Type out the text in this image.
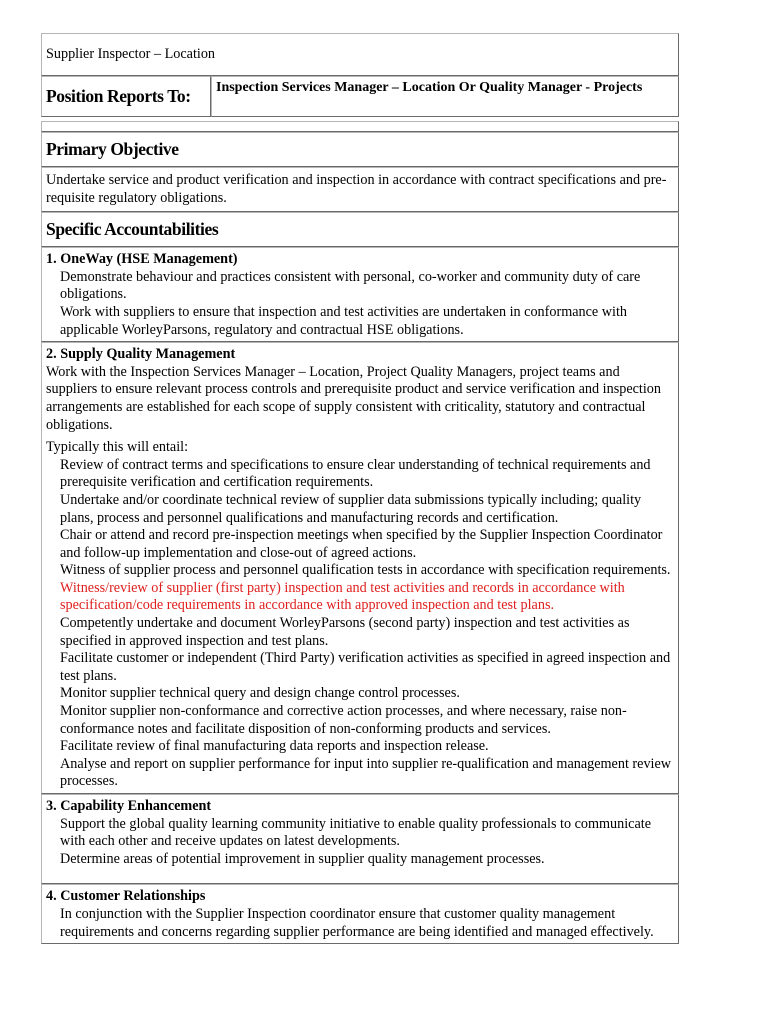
Supplier Inspector – Location
Position Reports To:	Inspection Services Manager – Location Or Quality Manager - Projects

Primary Objective
Undertake service and product verification and inspection in accordance with contract specifications and pre-requisite regulatory obligations.
Specific Accountabilities

1. OneWay (HSE Management)
Demonstrate behaviour and practices consistent with personal, co-worker and community duty of care obligations.
Work with suppliers to ensure that inspection and test activities are undertaken in conformance with applicable WorleyParsons, regulatory and contractual HSE obligations.

2. Supply Quality Management
Work with the Inspection Services Manager – Location, Project Quality Managers, project teams and suppliers to ensure relevant process controls and prerequisite product and service verification and inspection arrangements are established for each scope of supply consistent with criticality, statutory and contractual obligations.
Typically this will entail:
Review of contract terms and specifications to ensure clear understanding of technical requirements and prerequisite verification and certification requirements.
Undertake and/or coordinate technical review of supplier data submissions typically including; quality plans, process and personnel qualifications and manufacturing records and certification.
Chair or attend and record pre-inspection meetings when specified by the Supplier Inspection Coordinator and follow-up implementation and close-out of agreed actions.
Witness of supplier process and personnel qualification tests in accordance with specification requirements.
Witness/review of supplier (first party) inspection and test activities and records in accordance with specification/code requirements in accordance with approved inspection and test plans.
Competently undertake and document WorleyParsons (second party) inspection and test activities as specified in approved inspection and test plans.
Facilitate customer or independent (Third Party) verification activities as specified in agreed inspection and test plans.
Monitor supplier technical query and design change control processes.
Monitor supplier non-conformance and corrective action processes, and where necessary, raise non-conformance notes and facilitate disposition of non-conforming products and services.
Facilitate review of final manufacturing data reports and inspection release.
Analyse and report on supplier performance for input into supplier re-qualification and management review processes.

3. Capability Enhancement
Support the global quality learning community initiative to enable quality professionals to communicate with each other and receive updates on latest developments.
Determine areas of potential improvement in supplier quality management processes.

4. Customer Relationships
In conjunction with the Supplier Inspection coordinator ensure that customer quality management requirements and concerns regarding supplier performance are being identified and managed effectively.
